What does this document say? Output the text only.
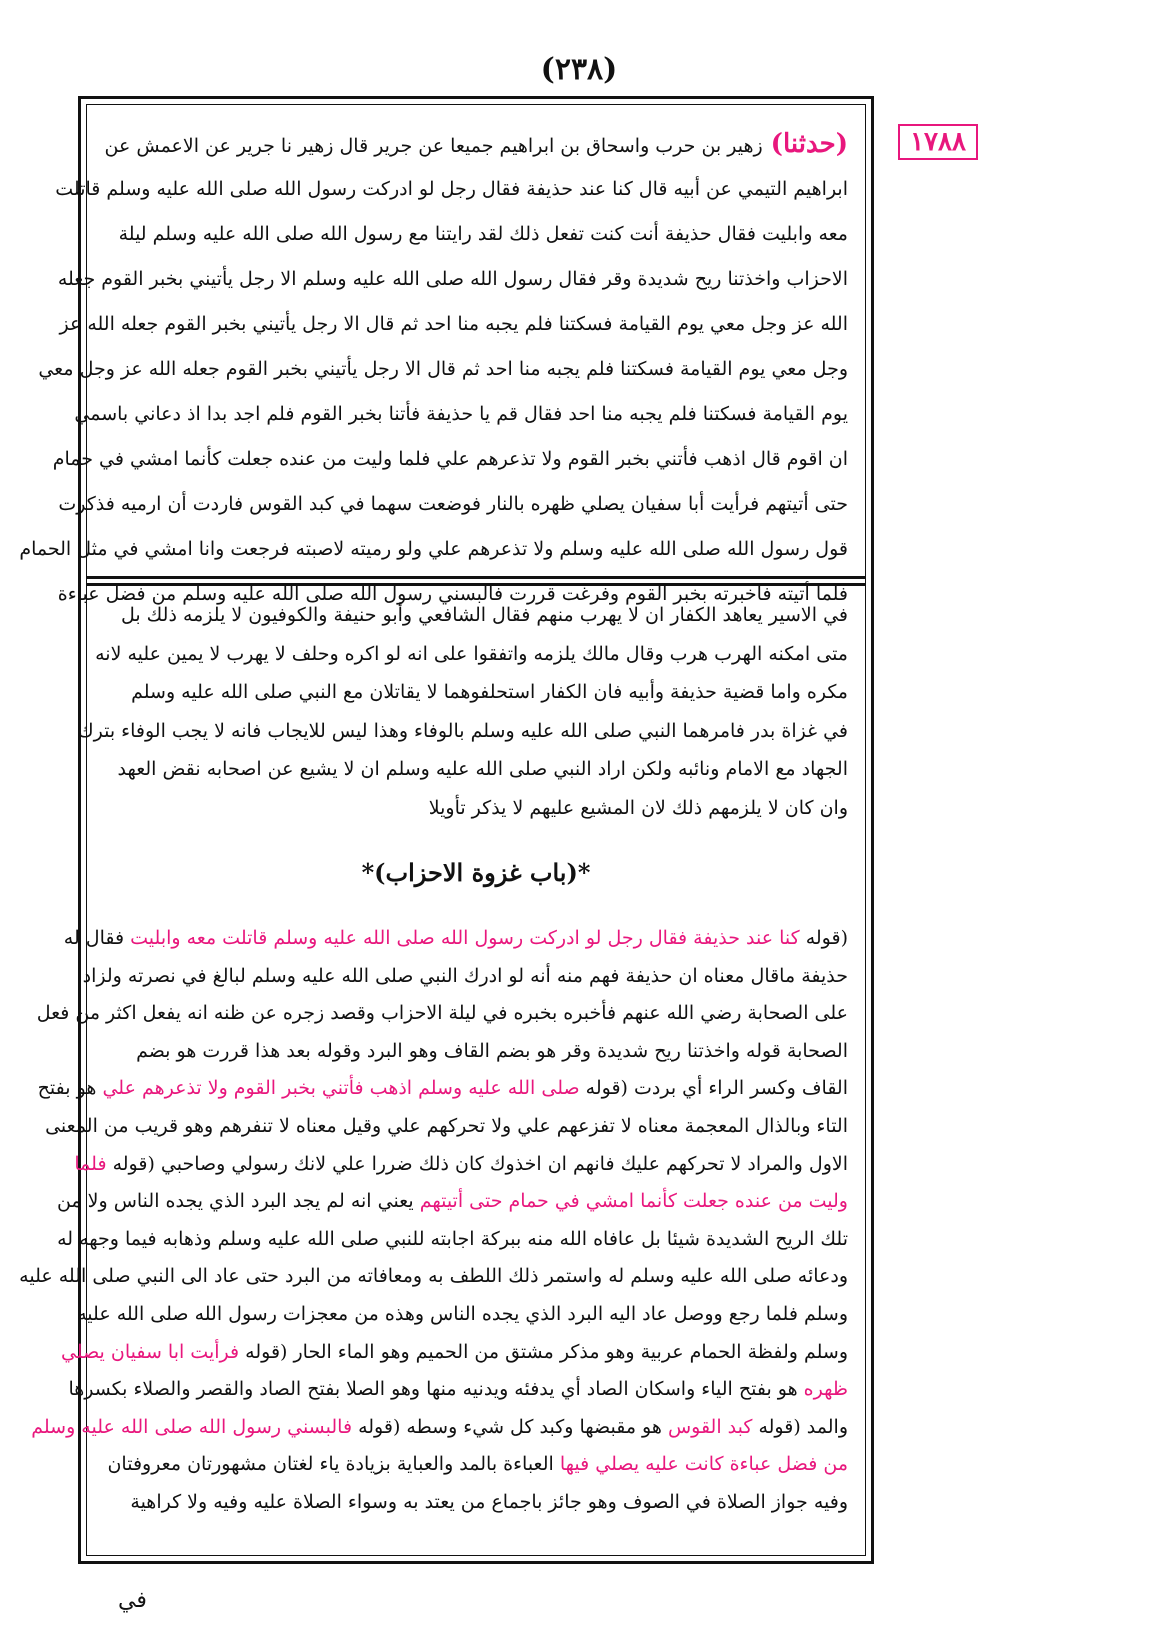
(٢٣٨)
١٧٨٨
(حدثنا)زهير بن حرب واسحاق بن ابراهيم جميعا عن جرير قال زهير نا جرير عن الاعمش عن
ابراهيم التيمي عن أبيه قال كنا عند حذيفة فقال رجل لو ادركت رسول الله صلى الله عليه وسلم قاتلت
معه وابليت فقال حذيفة أنت كنت تفعل ذلك لقد رايتنا مع رسول الله صلى الله عليه وسلم ليلة
الاحزاب واخذتنا ريح شديدة وقر فقال رسول الله صلى الله عليه وسلم الا رجل يأتيني بخبر القوم جعله
الله عز وجل معي يوم القيامة فسكتنا فلم يجبه منا احد ثم قال الا رجل يأتيني بخبر القوم جعله الله عز
وجل معي يوم القيامة فسكتنا فلم يجبه منا احد ثم قال الا رجل يأتيني بخبر القوم جعله الله عز وجل معي
يوم القيامة فسكتنا فلم يجبه منا احد فقال قم يا حذيفة فأتنا بخبر القوم فلم اجد بدا اذ دعاني باسمي
ان اقوم قال اذهب فأتني بخبر القوم ولا تذعرهم علي فلما وليت من عنده جعلت كأنما امشي في حمام
حتى أتيتهم فرأيت أبا سفيان يصلي ظهره بالنار فوضعت سهما في كبد القوس فاردت أن ارميه فذكرت
قول رسول الله صلى الله عليه وسلم ولا تذعرهم علي ولو رميته لاصبته فرجعت وانا امشي في مثل الحمام
فلما أتيته فاخبرته بخبر القوم وفرغت قررت فالبسني رسول الله صلى الله عليه وسلم من فضل عباءة
في الاسير يعاهد الكفار ان لا يهرب منهم فقال الشافعي وأبو حنيفة والكوفيون لا يلزمه ذلك بل
متى امكنه الهرب هرب وقال مالك يلزمه واتفقوا على انه لو اكره وحلف لا يهرب لا يمين عليه لانه
مكره واما قضية حذيفة وأبيه فان الكفار استحلفوهما لا يقاتلان مع النبي صلى الله عليه وسلم
في غزاة بدر فامرهما النبي صلى الله عليه وسلم بالوفاء وهذا ليس للايجاب فانه لا يجب الوفاء بترك
الجهاد مع الامام ونائبه ولكن اراد النبي صلى الله عليه وسلم ان لا يشيع عن اصحابه نقض العهد
وان كان لا يلزمهم ذلك لان المشيع عليهم لا يذكر تأويلا
*(باب غزوة الاحزاب)*
(قوله كنا عند حذيفة فقال رجل لو ادركت رسول الله صلى الله عليه وسلم قاتلت معه وابليت فقال له
حذيفة ماقال معناه ان حذيفة فهم منه أنه لو ادرك النبي صلى الله عليه وسلم لبالغ في نصرته ولزاد
على الصحابة رضي الله عنهم فأخبره بخبره في ليلة الاحزاب وقصد زجره عن ظنه انه يفعل اكثر من فعل
الصحابة قوله واخذتنا ريح شديدة وقر هو بضم القاف وهو البرد وقوله بعد هذا قررت هو بضم
القاف وكسر الراء أي بردت (قوله صلى الله عليه وسلم اذهب فأتني بخبر القوم ولا تذعرهم علي هو بفتح
التاء وبالذال المعجمة معناه لا تفزعهم علي ولا تحركهم علي وقيل معناه لا تنفرهم وهو قريب من المعنى
الاول والمراد لا تحركهم عليك فانهم ان اخذوك كان ذلك ضررا علي لانك رسولي وصاحبي (قوله فلما
وليت من عنده جعلت كأنما امشي في حمام حتى أتيتهم يعني انه لم يجد البرد الذي يجده الناس ولا من
تلك الريح الشديدة شيئا بل عافاه الله منه ببركة اجابته للنبي صلى الله عليه وسلم وذهابه فيما وجهه له
ودعائه صلى الله عليه وسلم له واستمر ذلك اللطف به ومعافاته من البرد حتى عاد الى النبي صلى الله عليه
وسلم فلما رجع ووصل عاد اليه البرد الذي يجده الناس وهذه من معجزات رسول الله صلى الله عليه
وسلم ولفظة الحمام عربية وهو مذكر مشتق من الحميم وهو الماء الحار (قوله فرأيت ابا سفيان يصلي
ظهره هو بفتح الياء واسكان الصاد أي يدفئه ويدنيه منها وهو الصلا بفتح الصاد والقصر والصلاء بكسرها
والمد (قوله كبد القوس هو مقبضها وكبد كل شيء وسطه (قوله فالبسني رسول الله صلى الله عليه وسلم
من فضل عباءة كانت عليه يصلي فيها العباءة بالمد والعباية بزيادة ياء لغتان مشهورتان معروفتان
وفيه جواز الصلاة في الصوف وهو جائز باجماع من يعتد به وسواء الصلاة عليه وفيه ولا كراهية
في
